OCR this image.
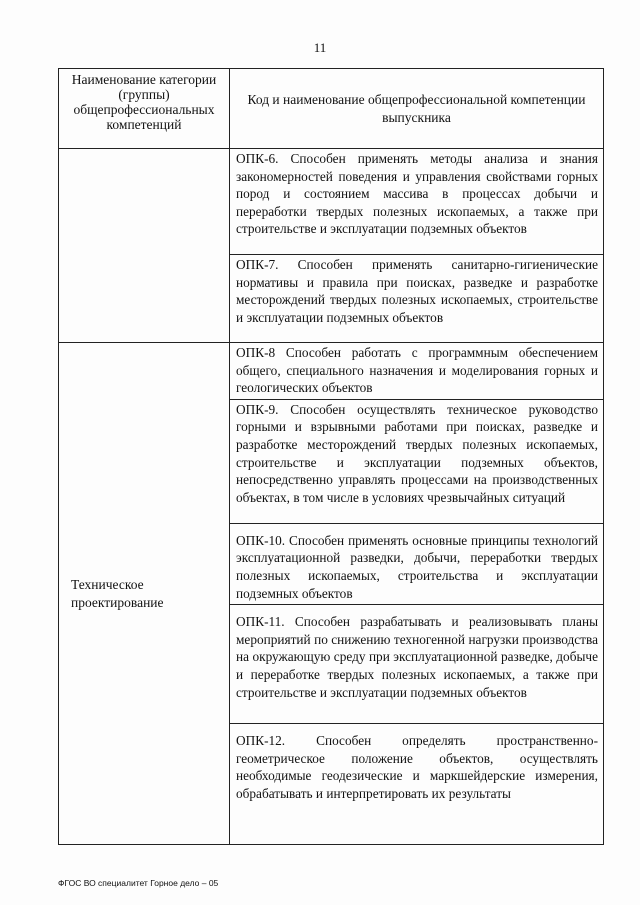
11
Наименование категории (группы) общепрофессиональных компетенций	Код и наименование общепрофессиональной компетенции выпускника
	ОПК-6. Способен применять методы анализа и знания закономерностей поведения и управления свойствами горных пород и состоянием массива в процессах добычи и переработки твердых полезных ископаемых, а также при строительстве и эксплуатации подземных объектов
	ОПК-7. Способен применять санитарно-гигиенические нормативы и правила при поисках, разведке и разработке месторождений твердых полезных ископаемых, строительстве и эксплуатации подземных объектов
Техническое проектирование	ОПК-8 Способен работать с программным обеспечением общего, специального назначения и моделирования горных и геологических объектов
	ОПК-9. Способен осуществлять техническое руководство горными и взрывными работами при поисках, разведке и разработке месторождений твердых полезных ископаемых, строительстве и эксплуатации подземных объектов, непосредственно управлять процессами на производственных объектах, в том числе в условиях чрезвычайных ситуаций
	ОПК-10. Способен применять основные принципы технологий эксплуатационной разведки, добычи, переработки твердых полезных ископаемых, строительства и эксплуатации подземных объектов
	ОПК-11. Способен разрабатывать и реализовывать планы мероприятий по снижению техногенной нагрузки производства на окружающую среду при эксплуатационной разведке, добыче и переработке твердых полезных ископаемых, а также при строительстве и эксплуатации подземных объектов
	ОПК-12. Способен определять пространственно-геометрическое положение объектов, осуществлять необходимые геодезические и маркшейдерские измерения, обрабатывать и интерпретировать их результаты
ФГОС ВО специалитет Горное дело – 05
